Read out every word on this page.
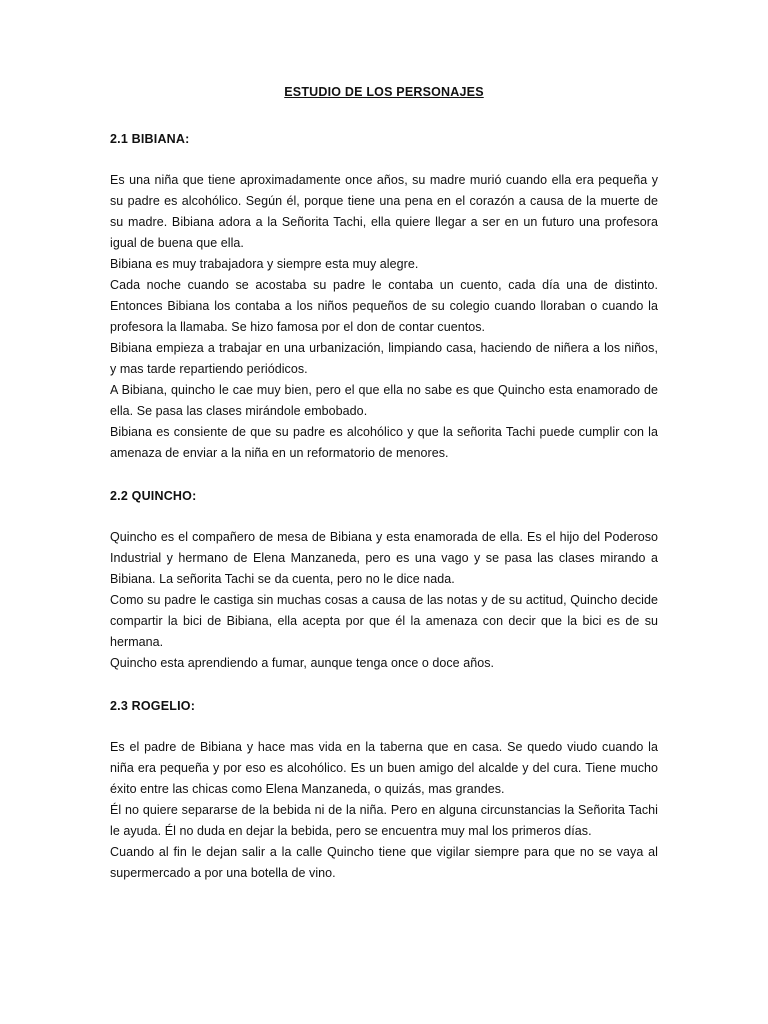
ESTUDIO DE LOS PERSONAJES
2.1 BIBIANA:

Es una niña que tiene aproximadamente once años, su madre murió cuando ella era pequeña y su padre es alcohólico. Según él, porque tiene una pena en el corazón a causa de la muerte de su madre. Bibiana adora a la Señorita Tachi, ella quiere llegar a ser en un futuro una profesora igual de buena que ella.

Bibiana es muy trabajadora y siempre esta muy alegre.

Cada noche cuando se acostaba su padre le contaba un cuento, cada día una de distinto. Entonces Bibiana los contaba a los niños pequeños de su colegio cuando lloraban o cuando la profesora la llamaba. Se hizo famosa por el don de contar cuentos.

Bibiana empieza a trabajar en una urbanización, limpiando casa, haciendo de niñera a los niños, y mas tarde repartiendo periódicos.

A Bibiana, quincho le cae muy bien, pero el que ella no sabe es que Quincho esta enamorado de ella. Se pasa las clases mirándole embobado.

Bibiana es consiente de que su padre es alcohólico y que la señorita Tachi puede cumplir con la amenaza de enviar a la niña en un reformatorio de menores.

2.2 QUINCHO:

Quincho es el compañero de mesa de Bibiana y esta enamorada de ella. Es el hijo del Poderoso Industrial y hermano de Elena Manzaneda, pero es una vago y se pasa las clases mirando a Bibiana. La señorita Tachi se da cuenta, pero no le dice nada.

Como su padre le castiga sin muchas cosas a causa de las notas y de su actitud, Quincho decide compartir la bici de Bibiana, ella acepta por que él la amenaza con decir que la bici es de su hermana.

Quincho esta aprendiendo a fumar, aunque tenga once o doce años.

2.3 ROGELIO:

Es el padre de Bibiana y hace mas vida en la taberna que en casa. Se quedo viudo cuando la niña era pequeña y por eso es alcohólico. Es un buen amigo del alcalde y del cura. Tiene mucho éxito entre las chicas como Elena Manzaneda, o quizás, mas grandes.

Él no quiere separarse de la bebida ni de la niña. Pero en alguna circunstancias la Señorita Tachi le ayuda. Él no duda en dejar la bebida, pero se encuentra muy mal los primeros días.

Cuando al fin le dejan salir a la calle Quincho tiene que vigilar siempre para que no se vaya al supermercado a por una botella de vino.
